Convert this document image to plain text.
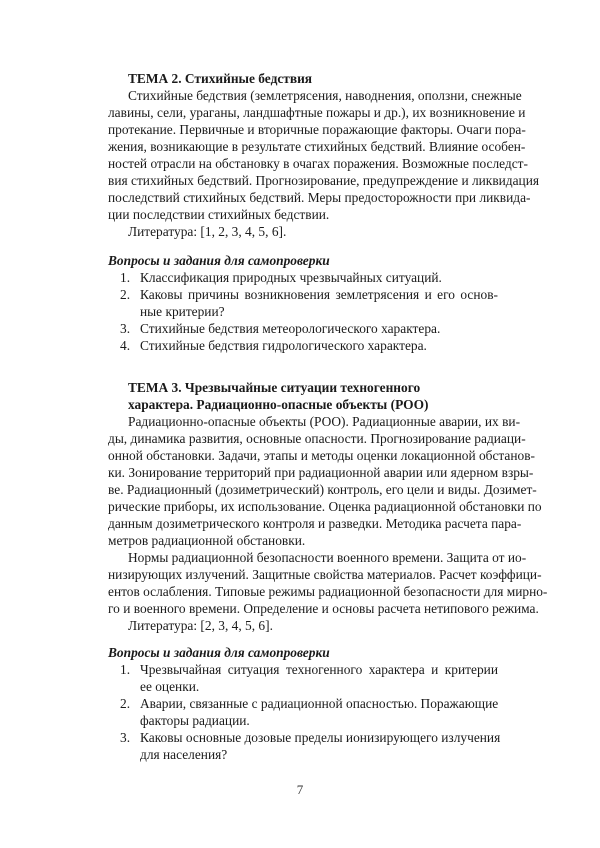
ТЕМА 2. Стихийные бедствия
Стихийные бедствия (землетрясения, наводнения, оползни, снежные
лавины, сели, ураганы, ландшафтные пожары и др.), их возникновение и
протекание. Первичные и вторичные поражающие факторы. Очаги пора-
жения, возникающие в результате стихийных бедствий. Влияние особен-
ностей отрасли на обстановку в очагах поражения. Возможные последст-
вия стихийных бедствий. Прогнозирование, предупреждение и ликвидация
последствий стихийных бедствий. Меры предосторожности при ликвида-
ции последствии стихийных бедствии.
Литература: [1, 2, 3, 4, 5, 6].
Вопросы и задания для самопроверки
1. Классификация природных чрезвычайных ситуаций.
2. Каковы причины возникновения землетрясения и его основ-
ные критерии?
3. Стихийные бедствия метеорологического характера.
4. Стихийные бедствия гидрологического характера.
ТЕМА 3. Чрезвычайные ситуации техногенного
характера. Радиационно-опасные объекты (РОО)
Радиационно-опасные объекты (РОО). Радиационные аварии, их ви-
ды, динамика развития, основные опасности. Прогнозирование радиаци-
онной обстановки. Задачи, этапы и методы оценки локационной обстанов-
ки. Зонирование территорий при радиационной аварии или ядерном взры-
ве. Радиационный (дозиметрический) контроль, его цели и виды. Дозимет-
рические приборы, их использование. Оценка радиационной обстановки по
данным дозиметрического контроля и разведки. Методика расчета пара-
метров радиационной обстановки.
Нормы радиационной безопасности военного времени. Защита от ио-
низирующих излучений. Защитные свойства материалов. Расчет коэффици-
ентов ослабления. Типовые режимы радиационной безопасности для мирно-
го и военного времени. Определение и основы расчета нетипового режима.
Литература: [2, 3, 4, 5, 6].
Вопросы и задания для самопроверки
1. Чрезвычайная ситуация техногенного характера и критерии
ее оценки.
2. Аварии, связанные с радиационной опасностью. Поражающие
факторы радиации.
3. Каковы основные дозовые пределы ионизирующего излучения
для населения?
7
